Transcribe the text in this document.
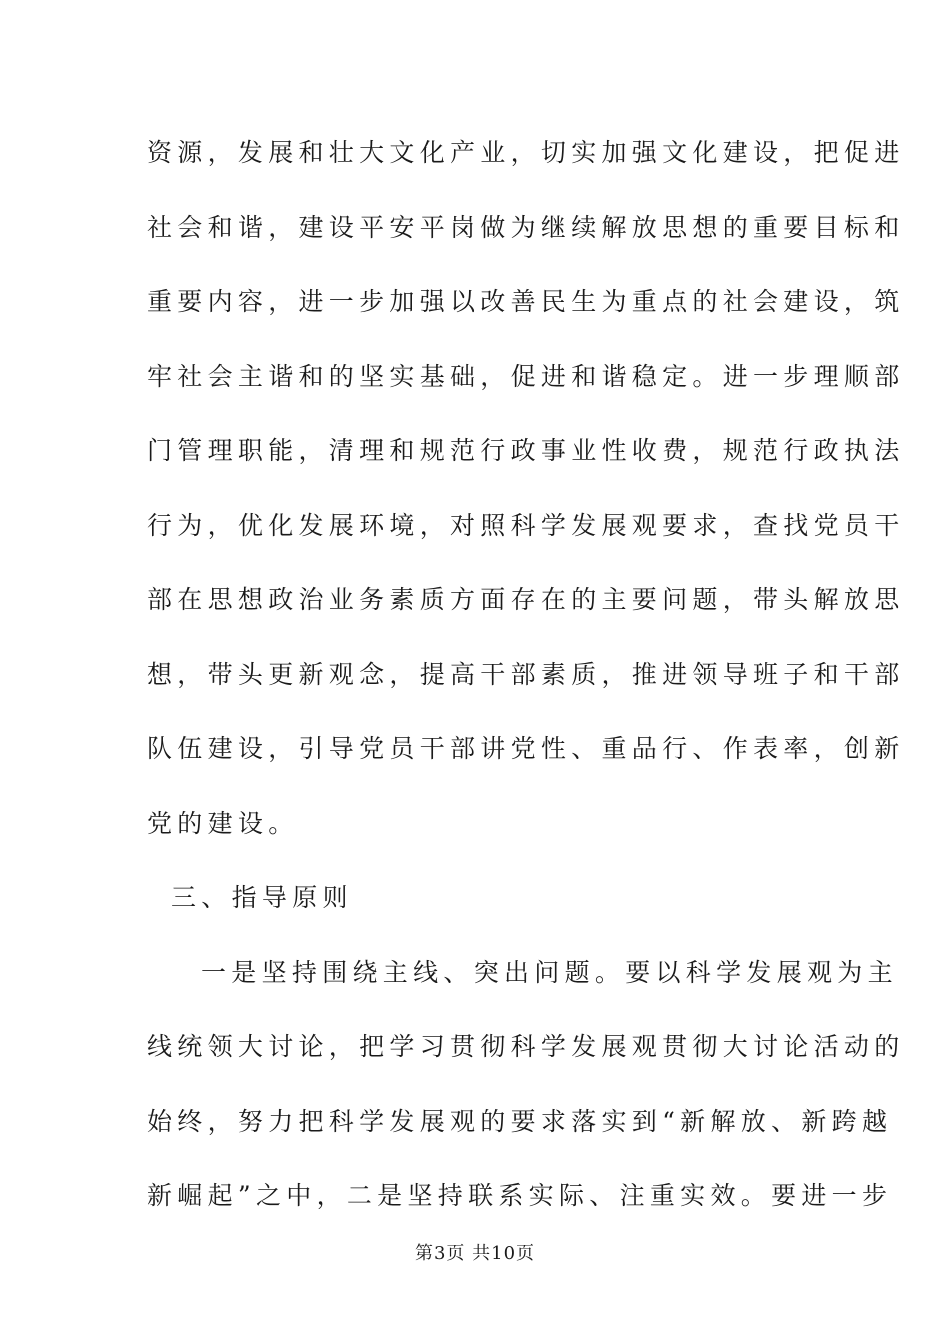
资源，发展和壮大文化产业，切实加强文化建设，把促进
社会和谐，建设平安平岗做为继续解放思想的重要目标和
重要内容，进一步加强以改善民生为重点的社会建设，筑
牢社会主谐和的坚实基础，促进和谐稳定。进一步理顺部
门管理职能，清理和规范行政事业性收费，规范行政执法
行为，优化发展环境，对照科学发展观要求，查找党员干
部在思想政治业务素质方面存在的主要问题，带头解放思
想，带头更新观念，提高干部素质，推进领导班子和干部
队伍建设，引导党员干部讲党性、重品行、作表率，创新
党的建设。
三、指导原则
一是坚持围绕主线、突出问题。要以科学发展观为主
线统领大讨论，把学习贯彻科学发展观贯彻大讨论活动的
始终，努力把科学发展观的要求落实到“新解放、新跨越
新崛起”之中，二是坚持联系实际、注重实效。要进一步
第3页 共10页
